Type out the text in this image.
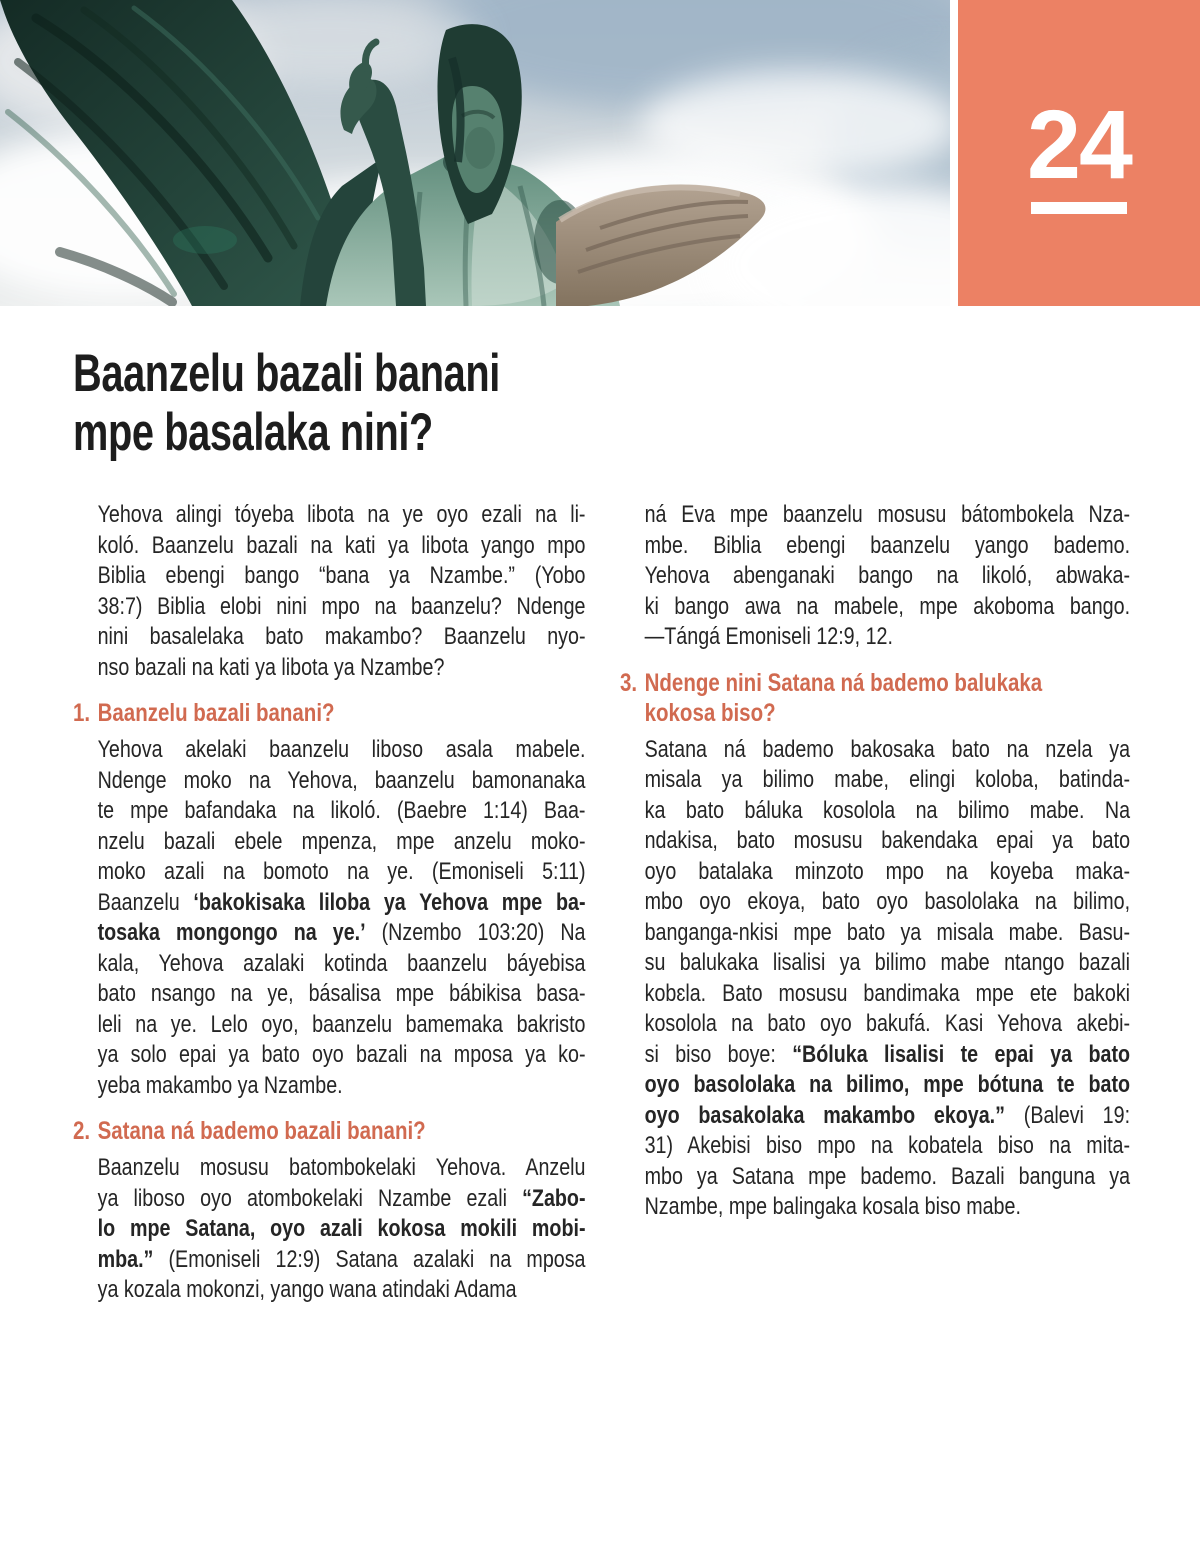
24
Baanzelu bazali banani
mpe basalaka nini?
Yehova alingi tóyeba libota na ye oyo ezali na li-
koló. Baanzelu bazali na kati ya libota yango mpo
Biblia ebengi bango “bana ya Nzambe.” (Yobo
38:7) Biblia elobi nini mpo na baanzelu? Ndenge
nini basalelaka bato makambo? Baanzelu nyo-
nso bazali na kati ya libota ya Nzambe?
1. Baanzelu bazali banani?
Yehova akelaki baanzelu liboso asala mabele.
Ndenge moko na Yehova, baanzelu bamonanaka
te mpe bafandaka na likoló. (Baebre 1:14) Baa-
nzelu bazali ebele mpenza, mpe anzelu moko-
moko azali na bomoto na ye. (Emoniseli 5:11)
Baanzelu ‘bakokisaka liloba ya Yehova mpe ba-
tosaka mongongo na ye.’ (Nzembo 103:20) Na
kala, Yehova azalaki kotinda baanzelu báyebisa
bato nsango na ye, básalisa mpe bábikisa basa-
leli na ye. Lelo oyo, baanzelu bamemaka bakristo
ya solo epai ya bato oyo bazali na mposa ya ko-
yeba makambo ya Nzambe.
2. Satana ná bademo bazali banani?
Baanzelu mosusu batombokelaki Yehova. Anzelu
ya liboso oyo atombokelaki Nzambe ezali “Zabo-
lo mpe Satana, oyo azali kokosa mokili mobi-
mba.” (Emoniseli 12:9) Satana azalaki na mposa
ya kozala mokonzi, yango wana atindaki Adama
ná Eva mpe baanzelu mosusu bátombokela Nza-
mbe. Biblia ebengi baanzelu yango bademo.
Yehova abenganaki bango na likoló, abwaka-
ki bango awa na mabele, mpe akoboma bango.
—Tángá Emoniseli 12:9, 12.
3. Ndenge nini Satana ná bademo balukaka
kokosa biso?
Satana ná bademo bakosaka bato na nzela ya
misala ya bilimo mabe, elingi koloba, batinda-
ka bato báluka kosolola na bilimo mabe. Na
ndakisa, bato mosusu bakendaka epai ya bato
oyo batalaka minzoto mpo na koyeba maka-
mbo oyo ekoya, bato oyo basololaka na bilimo,
banganga-nkisi mpe bato ya misala mabe. Basu-
su balukaka lisalisi ya bilimo mabe ntango bazali
kobɛla. Bato mosusu bandimaka mpe ete bakoki
kosolola na bato oyo bakufá. Kasi Yehova akebi-
si biso boye: “Bóluka lisalisi te epai ya bato
oyo basololaka na bilimo, mpe bótuna te bato
oyo basakolaka makambo ekoya.” (Balevi 19:
31) Akebisi biso mpo na kobatela biso na mita-
mbo ya Satana mpe bademo. Bazali banguna ya
Nzambe, mpe balingaka kosala biso mabe.
